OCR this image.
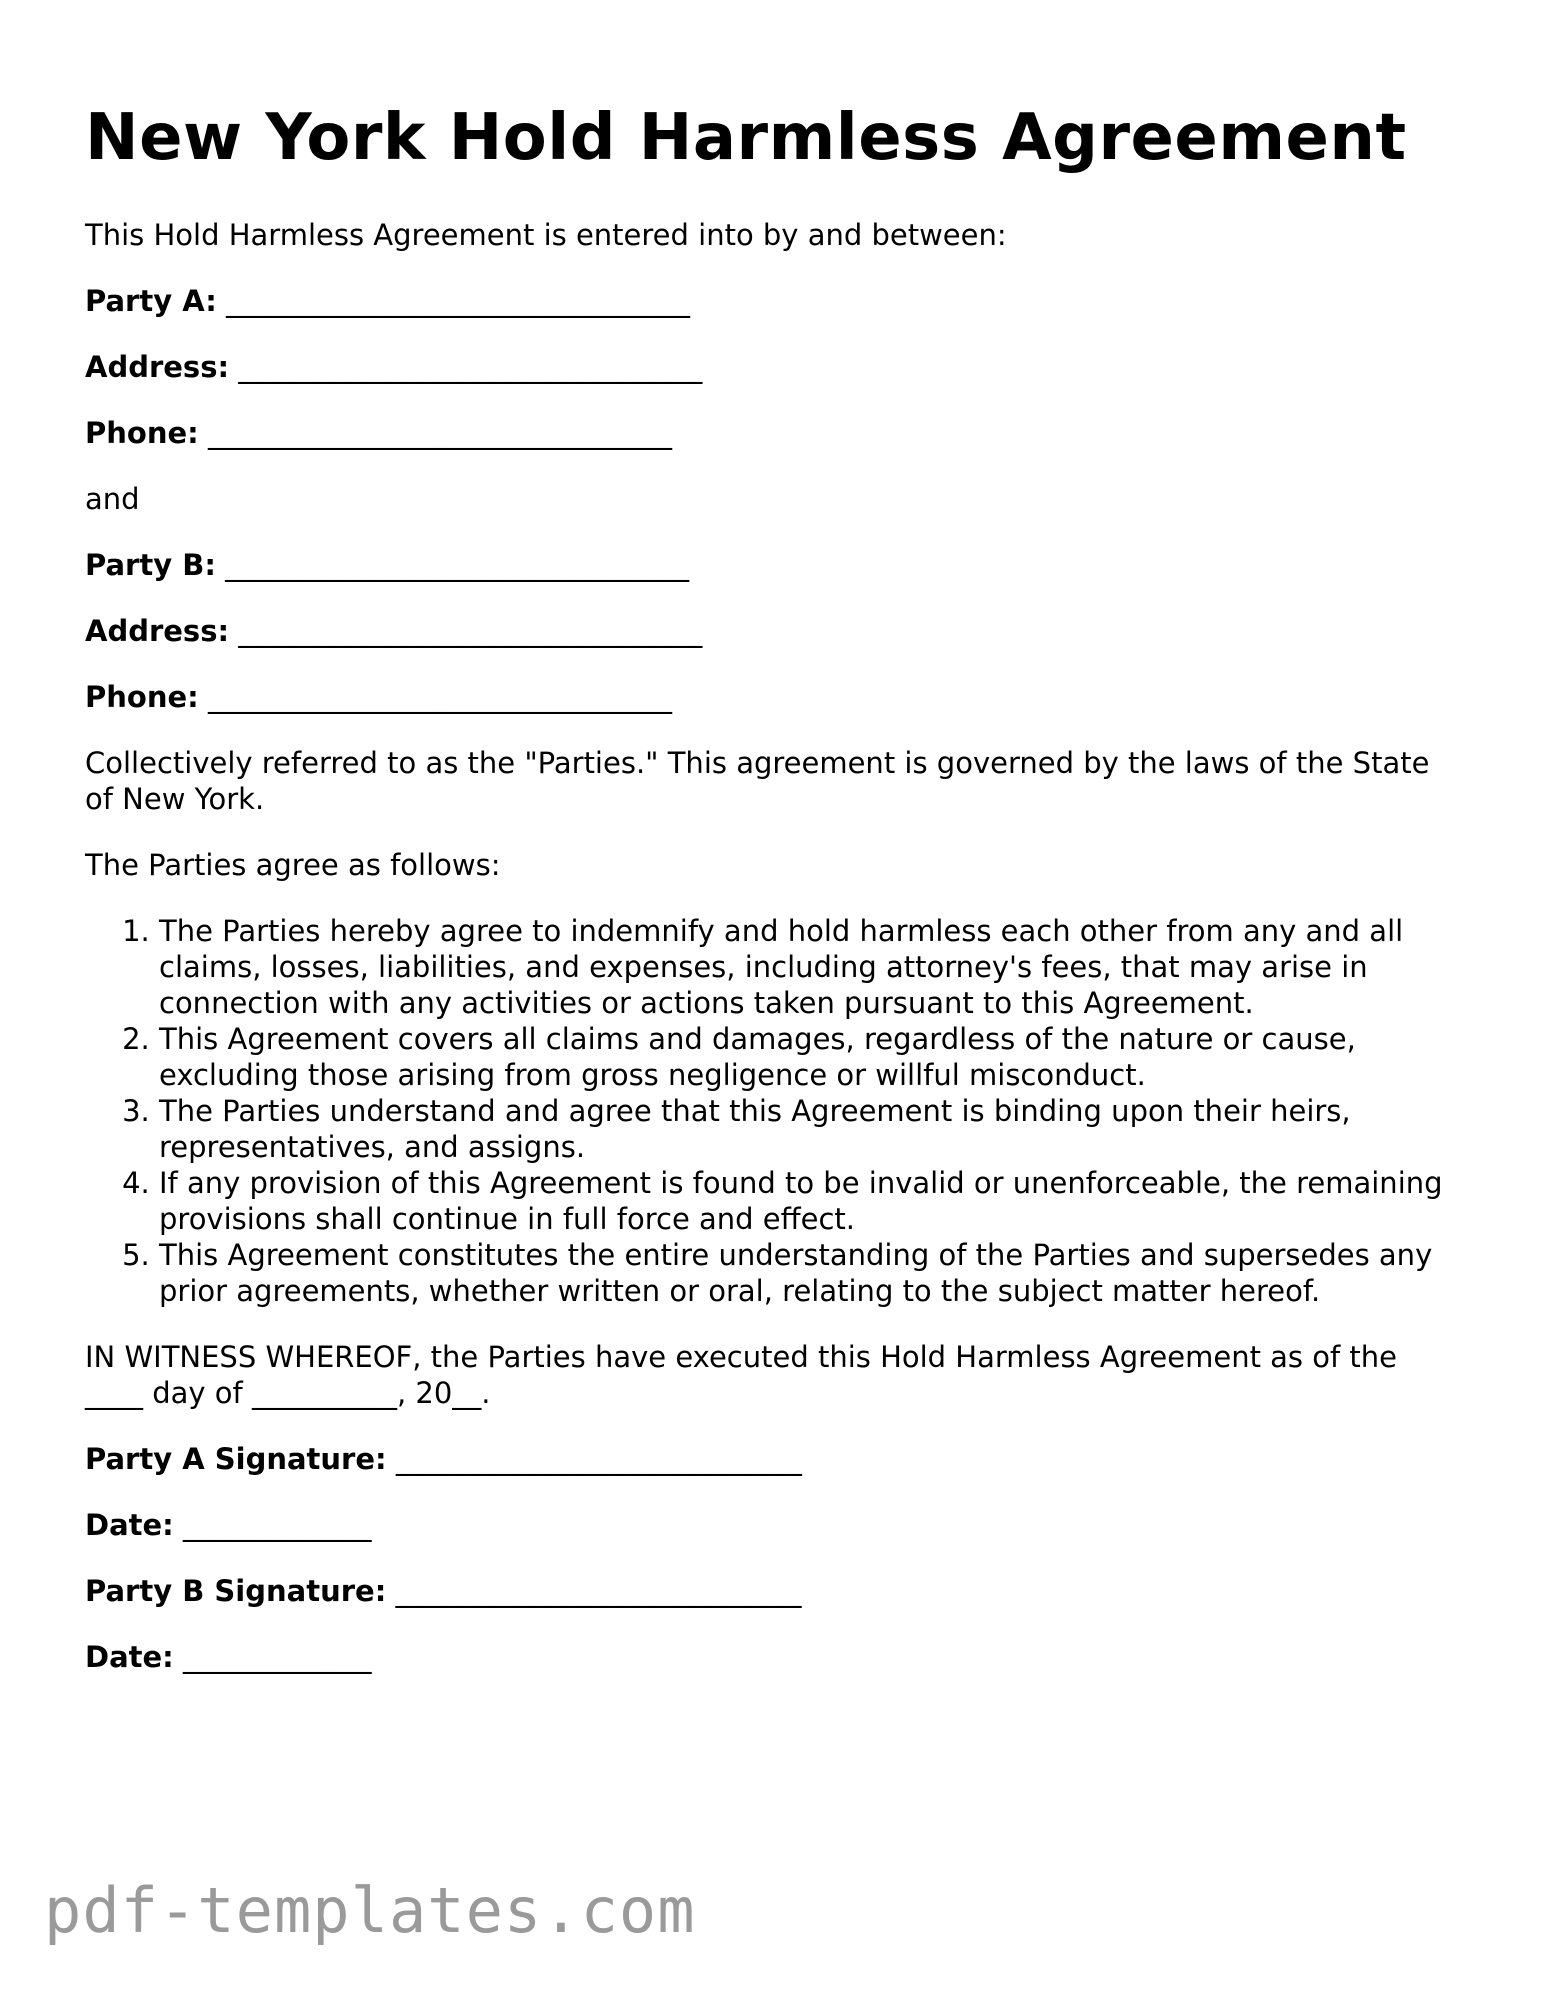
New York Hold Harmless Agreement

This Hold Harmless Agreement is entered into by and between:

Party A: ________________________________
Address: ________________________________
Phone: ________________________________

and

Party B: ________________________________
Address: ________________________________
Phone: ________________________________

Collectively referred to as the "Parties." This agreement is governed by the laws of the State of New York.

The Parties agree as follows:

1. The Parties hereby agree to indemnify and hold harmless each other from any and all claims, losses, liabilities, and expenses, including attorney's fees, that may arise in connection with any activities or actions taken pursuant to this Agreement.
2. This Agreement covers all claims and damages, regardless of the nature or cause, excluding those arising from gross negligence or willful misconduct.
3. The Parties understand and agree that this Agreement is binding upon their heirs, representatives, and assigns.
4. If any provision of this Agreement is found to be invalid or unenforceable, the remaining provisions shall continue in full force and effect.
5. This Agreement constitutes the entire understanding of the Parties and supersedes any prior agreements, whether written or oral, relating to the subject matter hereof.

IN WITNESS WHEREOF, the Parties have executed this Hold Harmless Agreement as of the ____ day of __________, 20__.

Party A Signature: ____________________________
Date: _____________
Party B Signature: ____________________________
Date: _____________
pdf-templates.com
